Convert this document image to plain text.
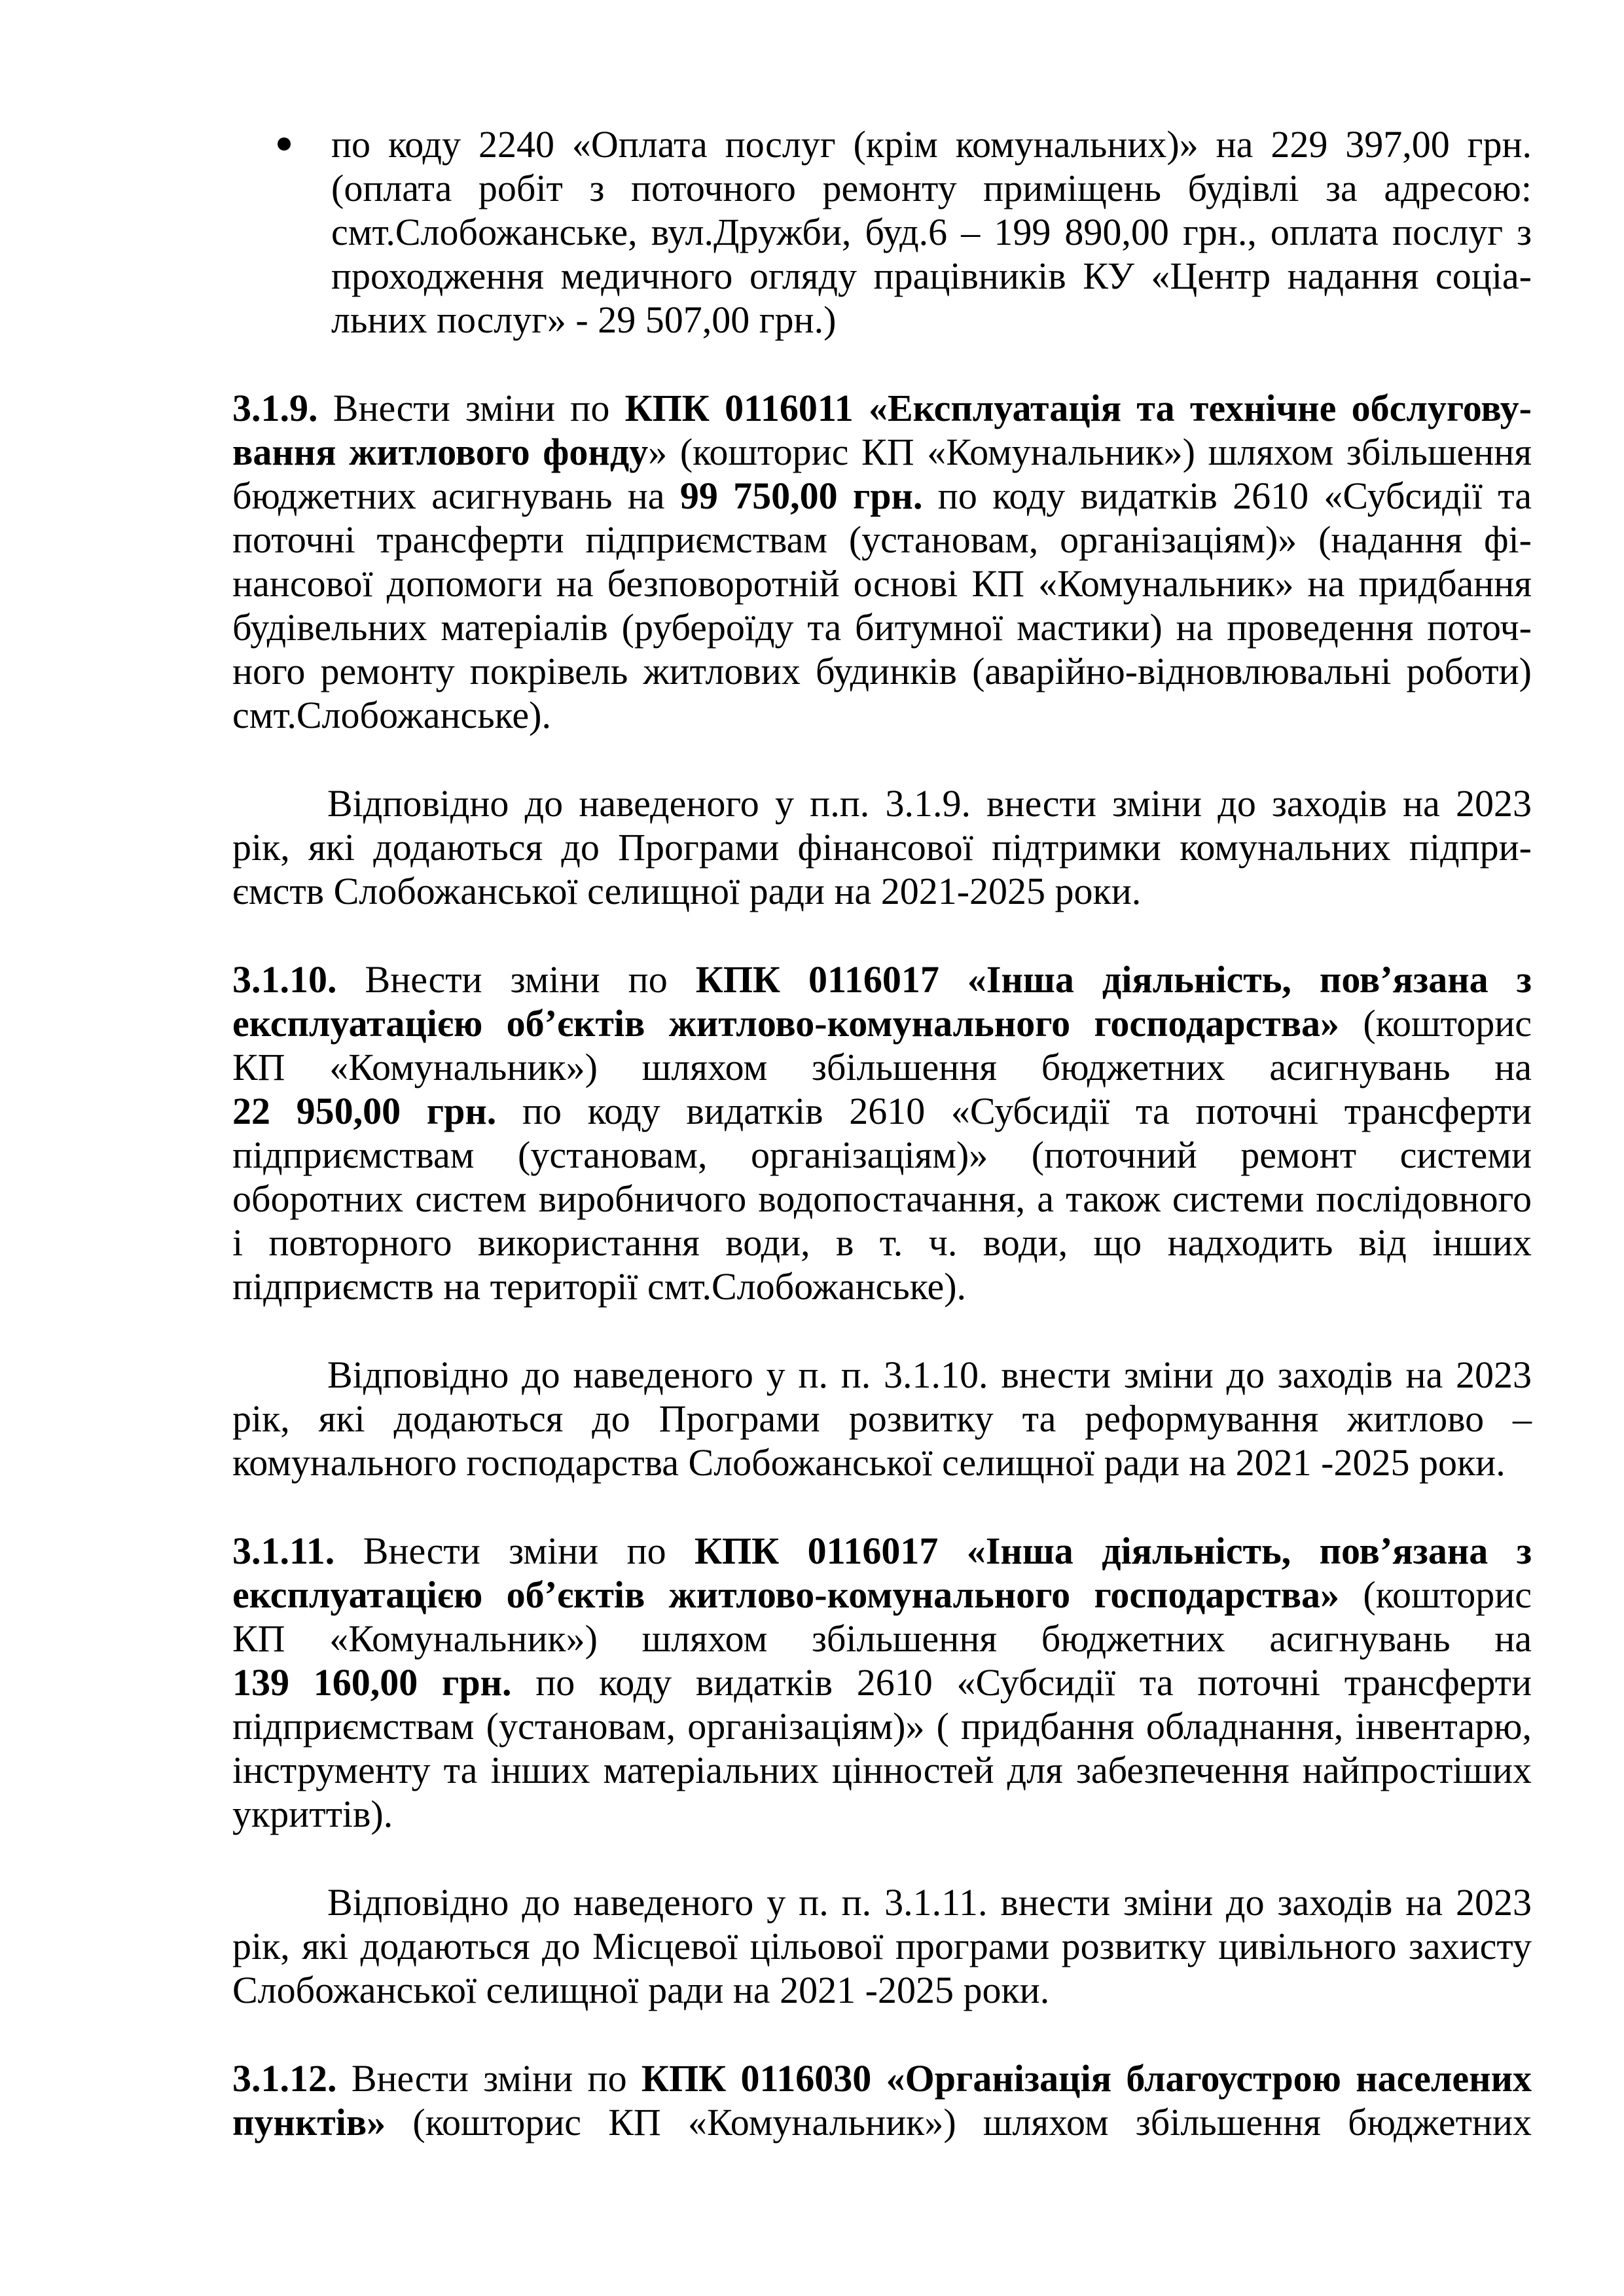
по коду 2240 «Оплата послуг (крім комунальних)» на 229 397,00 грн.
(оплата робіт з поточного ремонту приміщень будівлі за адресою:
смт.Слобожанське, вул.Дружби, буд.6 – 199 890,00 грн., оплата послуг з
проходження медичного огляду працівників КУ «Центр надання соціа-
льних послуг» - 29 507,00 грн.)
3.1.9. Внести зміни по КПК 0116011 «Експлуатація та технічне обслугову-
вання житлового фонду» (кошторис КП «Комунальник») шляхом збільшення
бюджетних асигнувань на 99 750,00 грн. по коду видатків 2610 «Субсидії та
поточні трансферти підприємствам (установам, організаціям)» (надання фі-
нансової допомоги на безповоротній основі КП «Комунальник» на придбання
будівельних матеріалів (руберοїду та битумної мастики) на проведення поточ-
ного ремонту покрівель житлових будинків (аварійно-відновлювальні роботи)
смт.Слобожанське).
Відповідно до наведеного у п.п. 3.1.9. внести зміни до заходів на 2023
рік, які додаються до Програми фінансової підтримки комунальних підпри-
ємств Слобожанської селищної ради на 2021-2025 роки.
3.1.10. Внести зміни по КПК 0116017 «Інша діяльність, пов’язана з
експлуатацією об’єктів житлово-комунального господарства» (кошторис
КП «Комунальник») шляхом збільшення бюджетних асигнувань на
22 950,00 грн. по коду видатків 2610 «Субсидії та поточні трансферти
підприємствам (установам, організаціям)» (поточний ремонт системи
оборотних систем виробничого водопостачання, а також системи послідовного
і повторного використання води, в т. ч. води, що надходить від інших
підприємств на території смт.Слобожанське).
Відповідно до наведеного у п. п. 3.1.10. внести зміни до заходів на 2023
рік, які додаються до Програми розвитку та реформування житлово –
комунального господарства Слобожанської селищної ради на 2021 -2025 роки.
3.1.11. Внести зміни по КПК 0116017 «Інша діяльність, пов’язана з
експлуатацією об’єктів житлово-комунального господарства» (кошторис
КП «Комунальник») шляхом збільшення бюджетних асигнувань на
139 160,00 грн. по коду видатків 2610 «Субсидії та поточні трансферти
підприємствам (установам, організаціям)» ( придбання обладнання, інвентарю,
інструменту та інших матеріальних цінностей для забезпечення найпростіших
укриттів).
Відповідно до наведеного у п. п. 3.1.11. внести зміни до заходів на 2023
рік, які додаються до Місцевої цільової програми розвитку цивільного захисту
Слобожанської селищної ради на 2021 -2025 роки.
3.1.12. Внести зміни по КПК 0116030 «Організація благоустрою населених
пунктів» (кошторис КП «Комунальник») шляхом збільшення бюджетних
